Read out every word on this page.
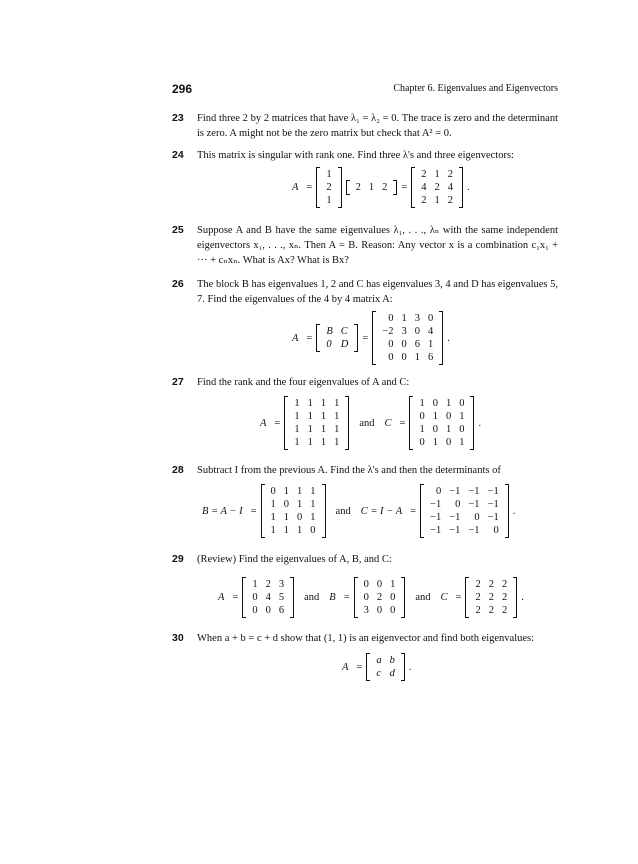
296	Chapter 6. Eigenvalues and Eigenvectors
23 Find three 2 by 2 matrices that have λ₁ = λ₂ = 0. The trace is zero and the determinant is zero. A might not be the zero matrix but check that A² = 0.
24 This matrix is singular with rank one. Find three λ's and three eigenvectors:
A =
1
2
1
2	1	2 =
2	1	2
4	2	4
2	1	2
.
25 Suppose A and B have the same eigenvalues λ₁, . . ., λₙ with the same independent eigenvectors x₁, . . ., xₙ. Then A = B. Reason: Any vector x is a combination c₁x₁ + ··· + cₙxₙ. What is Ax? What is Bx?
26 The block B has eigenvalues 1, 2 and C has eigenvalues 3, 4 and D has eigenvalues 5, 7. Find the eigenvalues of the 4 by 4 matrix A:
A =
B	C
0	D
=
0	1	3	0
−2	3	0	4
0	0	6	1
0	0	1	6
.
27 Find the rank and the four eigenvalues of A and C:
A =
1	1	1	1
1	1	1	1
1	1	1	1
1	1	1	1
and C =
1	0	1	0
0	1	0	1
1	0	1	0
0	1	0	1
.
28 Subtract I from the previous A. Find the λ's and then the determinants of
B = A − I =
0	1	1	1
1	0	1	1
1	1	0	1
1	1	1	0
and C = I − A =
0	−1	−1	−1
−1	0	−1	−1
−1	−1	0	−1
−1	−1	−1	0
.
29 (Review) Find the eigenvalues of A, B, and C:
A =
1	2	3
0	4	5
0	0	6
and B =
0	0	1
0	2	0
3	0	0
and C =
2	2	2
2	2	2
2	2	2
.
30 When a + b = c + d show that (1, 1) is an eigenvector and find both eigenvalues:
A =
a	b
c	d
.
